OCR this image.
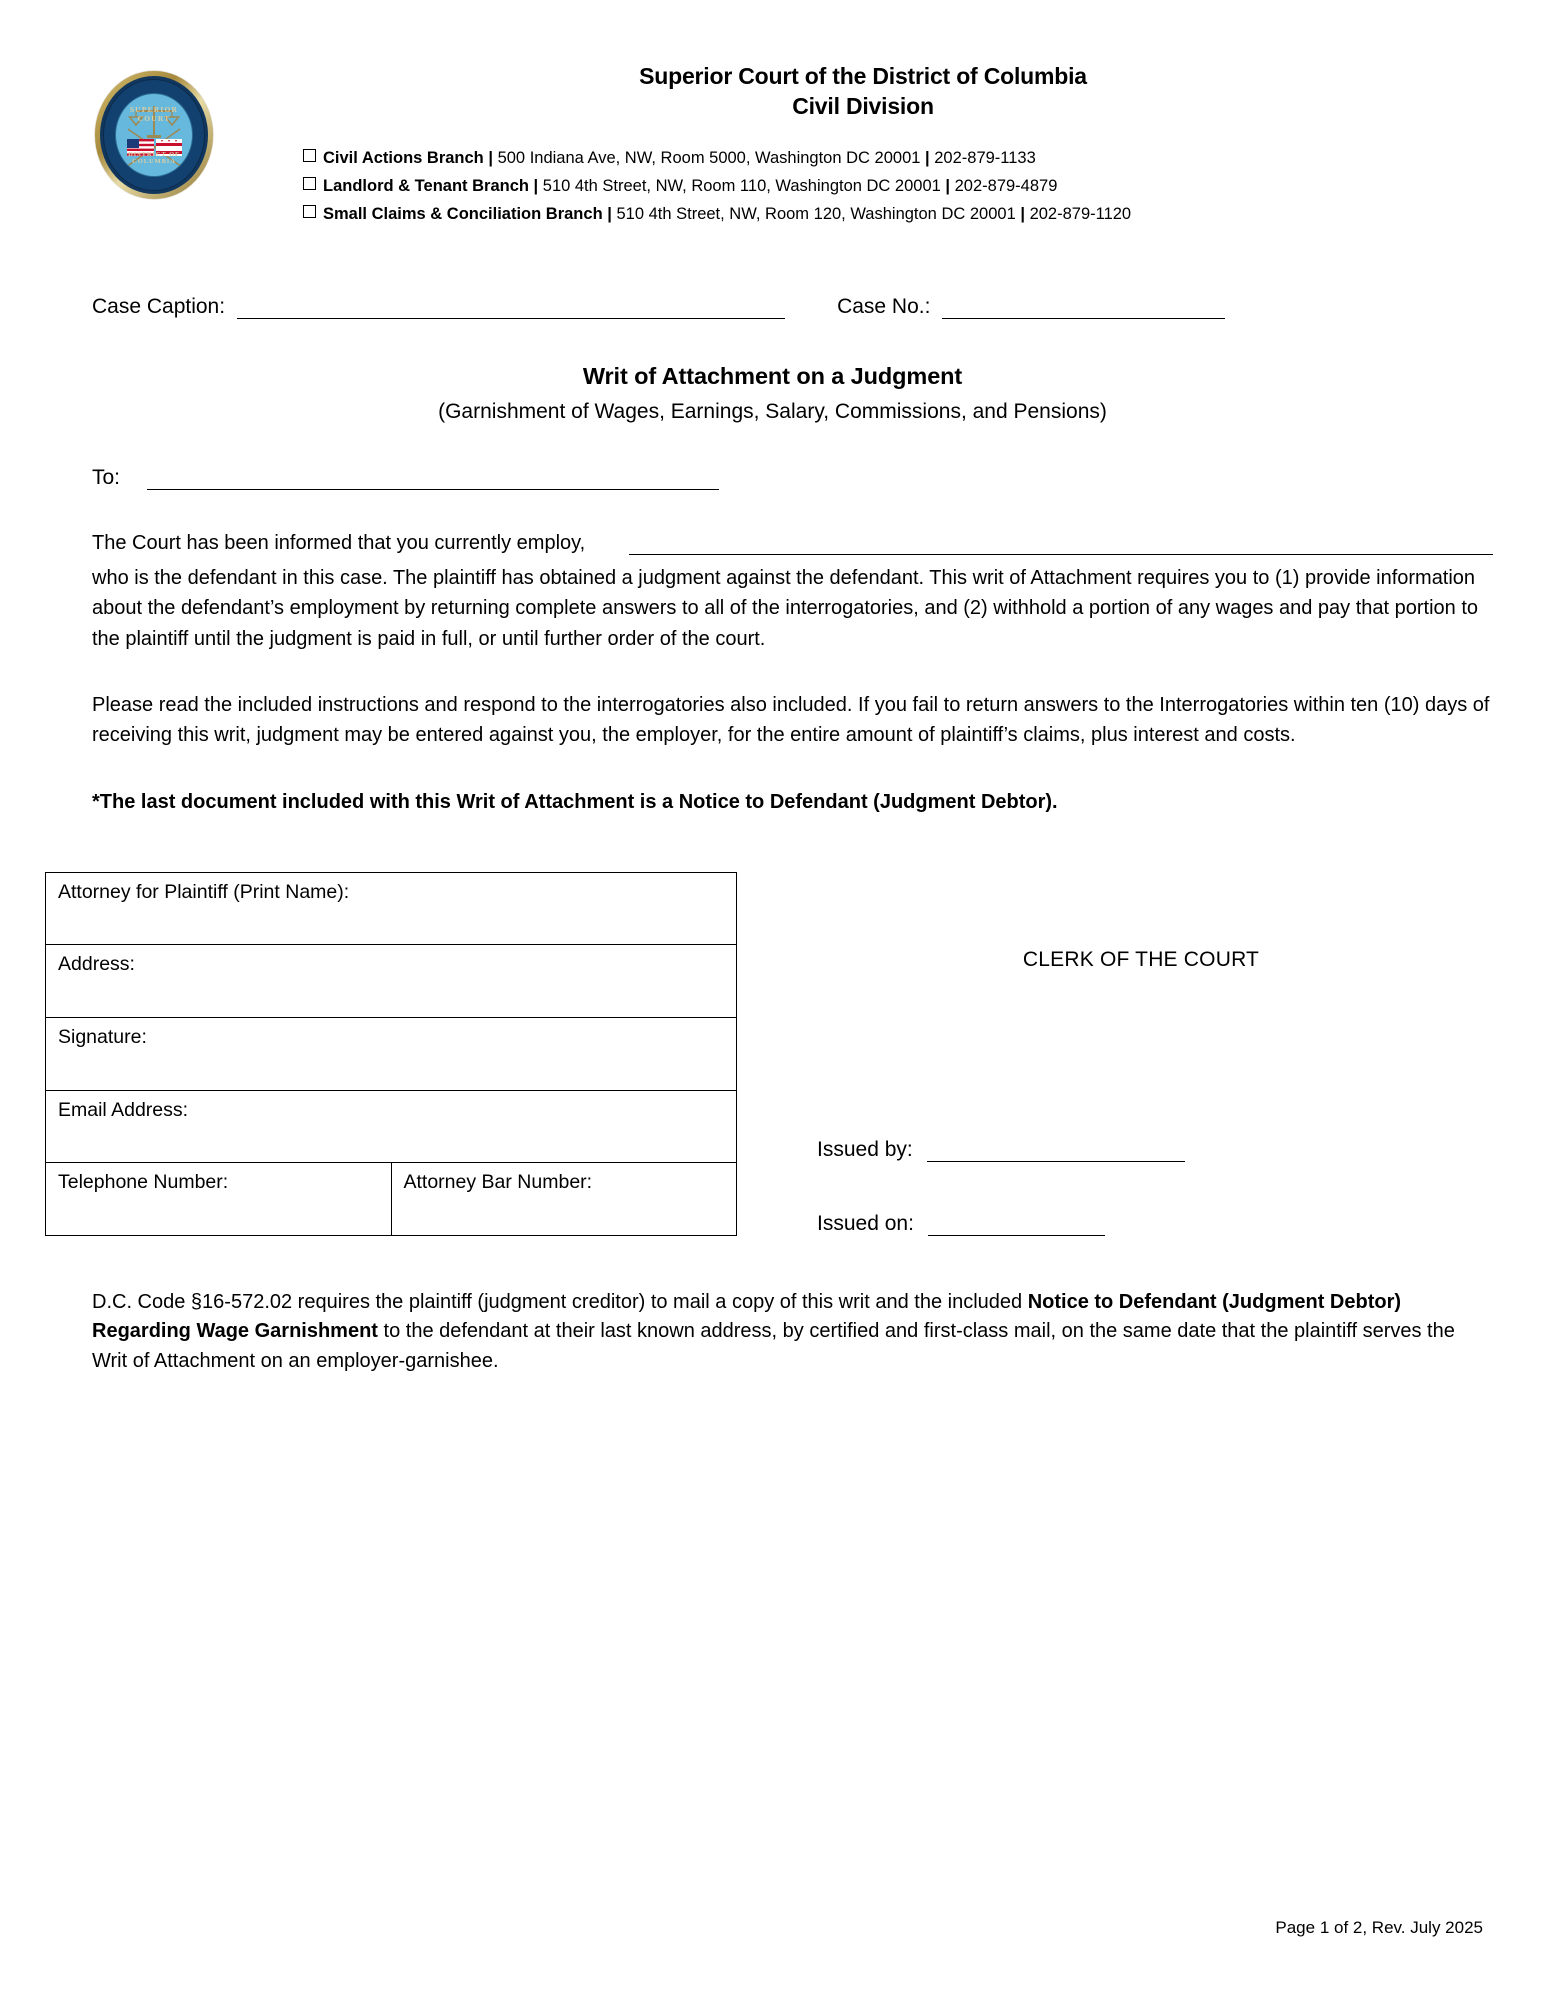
SUPERIOR COURT
DISTRICT OF COLUMBIA
Superior Court of the District of Columbia
Civil Division
Civil Actions Branch | 500 Indiana Ave, NW, Room 5000, Washington DC 20001 | 202-879-1133
Landlord & Tenant Branch | 510 4th Street, NW, Room 110, Washington DC 20001 | 202-879-4879
Small Claims & Conciliation Branch | 510 4th Street, NW, Room 120, Washington DC 20001 | 202-879-1120
Case Caption:	Case No.:
Writ of Attachment on a Judgment
(Garnishment of Wages, Earnings, Salary, Commissions, and Pensions)
To:
The Court has been informed that you currently employ,

who is the defendant in this case. The plaintiff has obtained a judgment against the defendant. This writ of Attachment requires you to (1) provide information about the defendant’s employment by returning complete answers to all of the interrogatories, and (2) withhold a portion of any wages and pay that portion to the plaintiff until the judgment is paid in full, or until further order of the court.

Please read the included instructions and respond to the interrogatories also included. If you fail to return answers to the Interrogatories within ten (10) days of receiving this writ, judgment may be entered against you, the employer, for the entire amount of plaintiff’s claims, plus interest and costs.

*The last document included with this Writ of Attachment is a Notice to Defendant (Judgment Debtor).

Attorney for Plaintiff (Print Name):
Address:
Signature:
Email Address:
Telephone Number:	Attorney Bar Number:
CLERK OF THE COURT
Issued by:
Issued on:

D.C. Code §16-572.02 requires the plaintiff (judgment creditor) to mail a copy of this writ and the included Notice to Defendant (Judgment Debtor) Regarding Wage Garnishment to the defendant at their last known address, by certified and first-class mail, on the same date that the plaintiff serves the Writ of Attachment on an employer-garnishee.

Page 1 of 2, Rev. July 2025
